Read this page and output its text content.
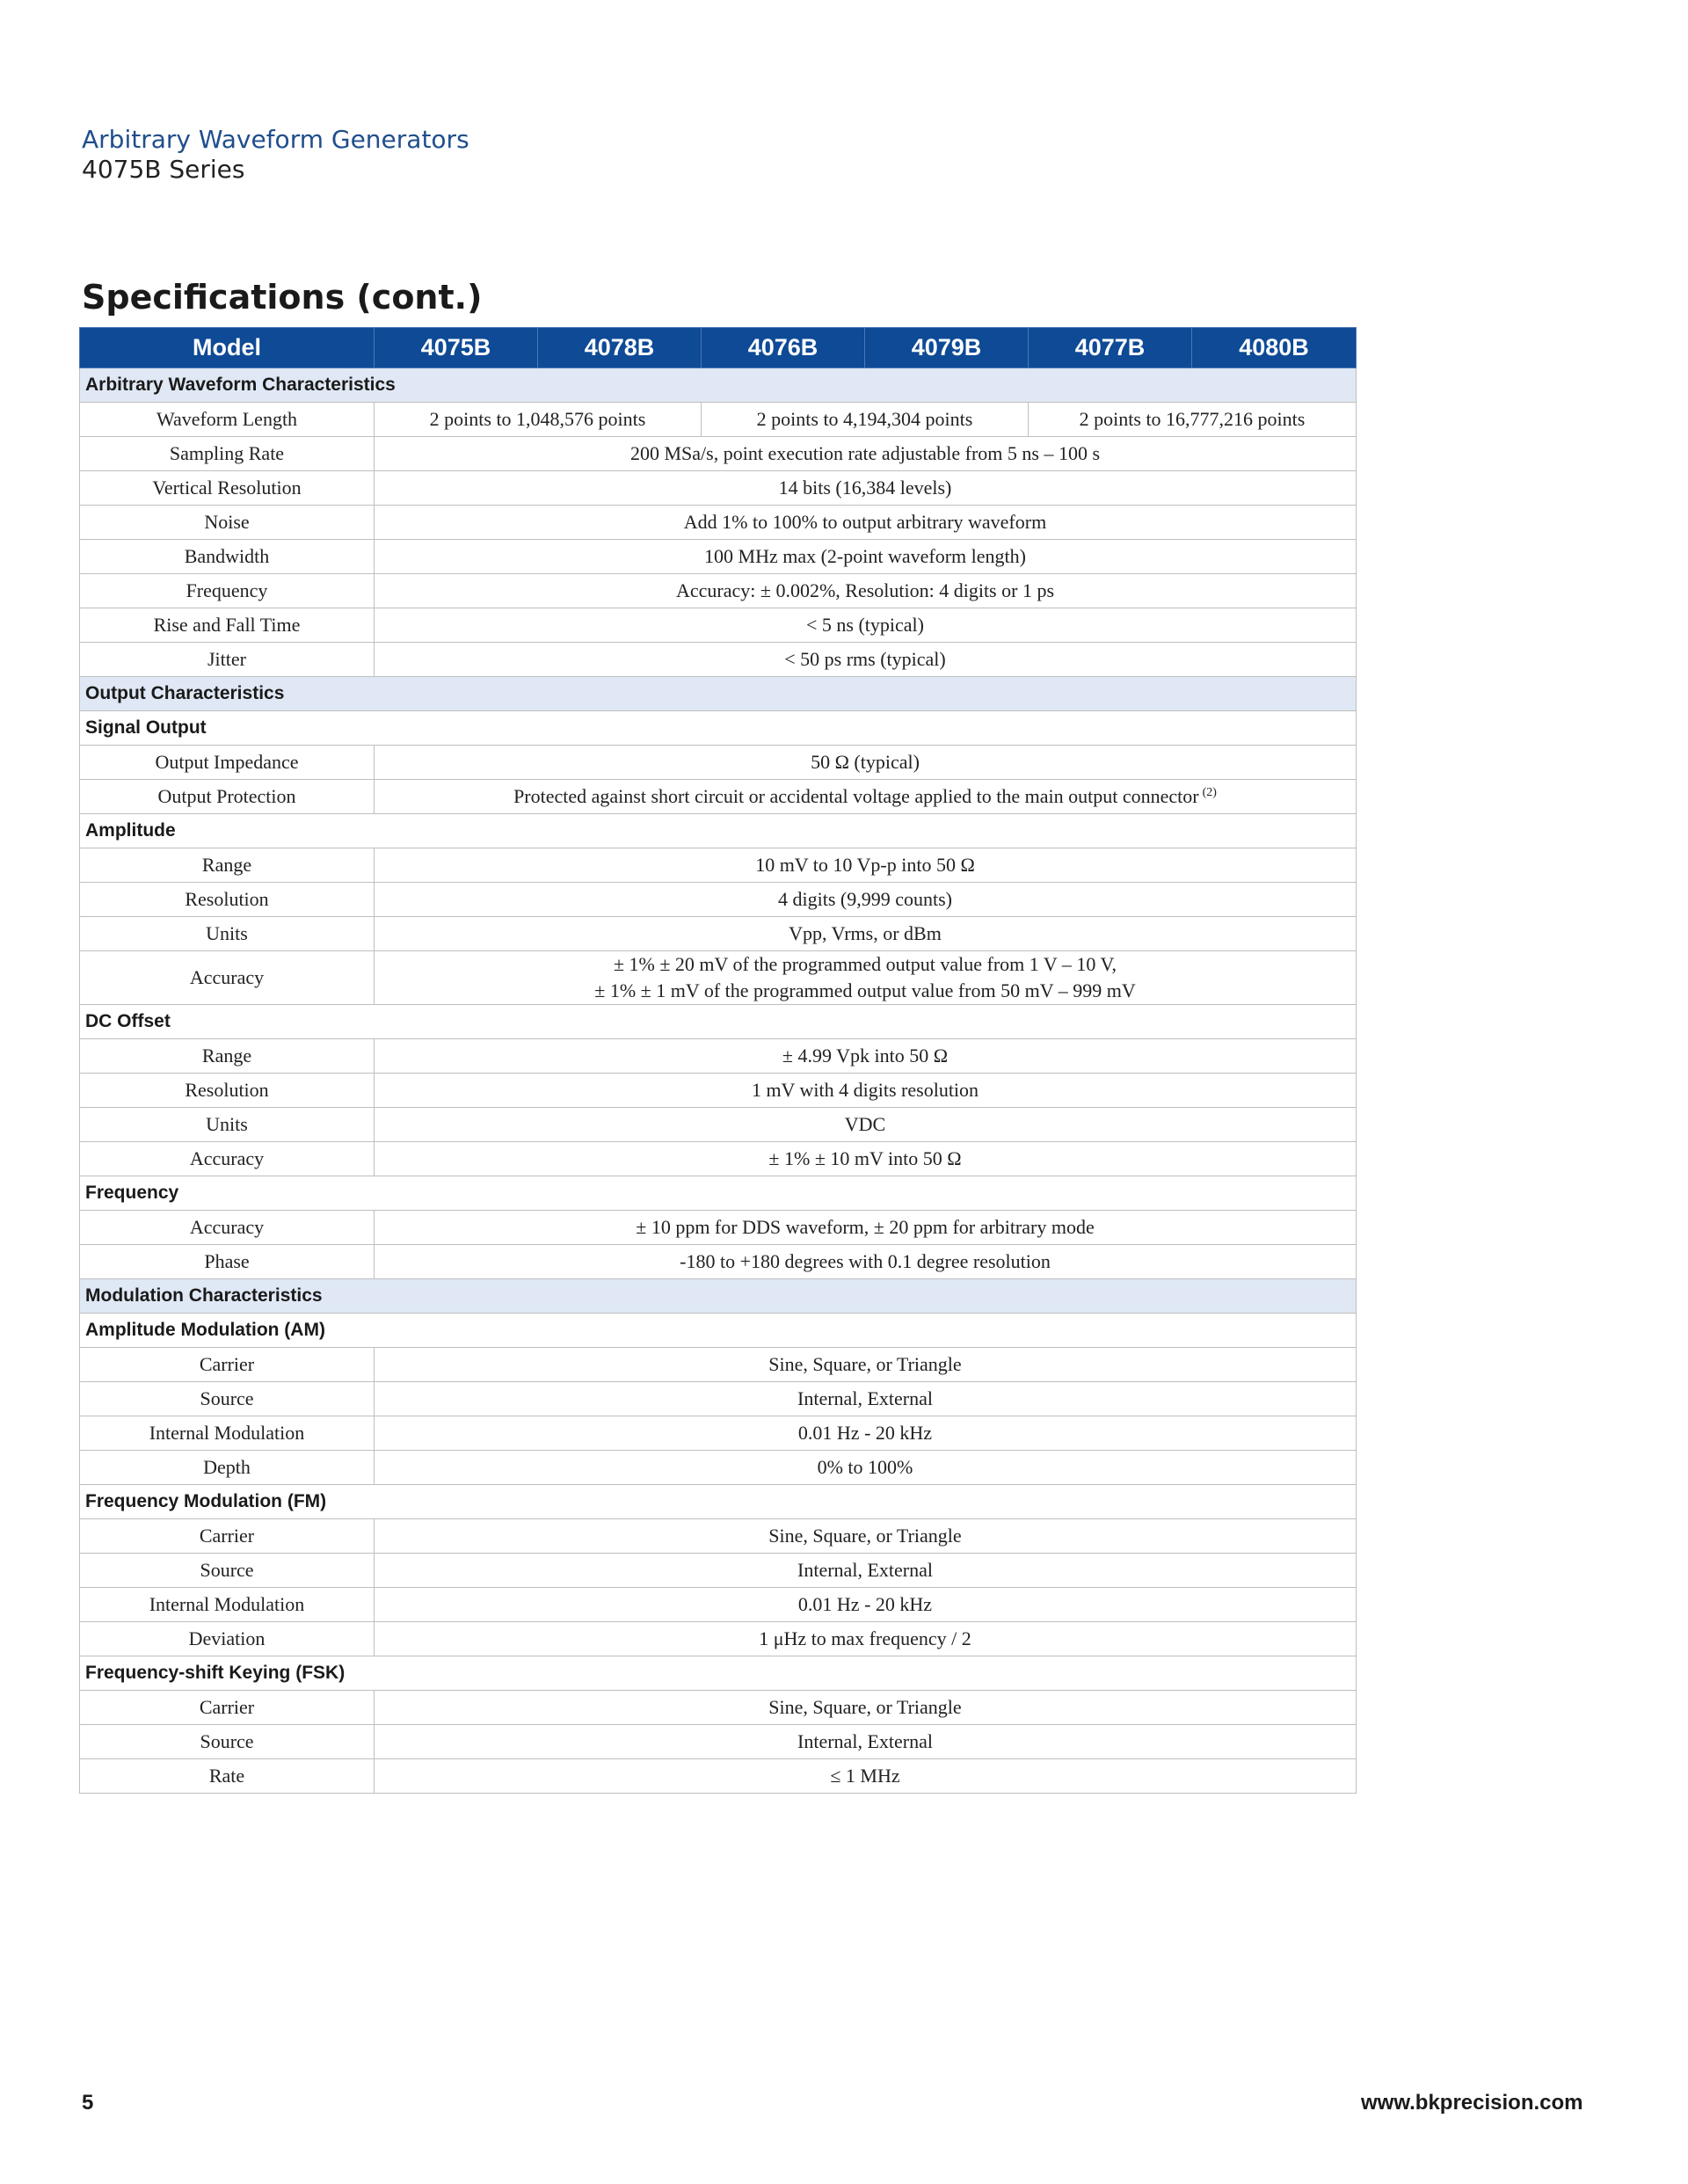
Arbitrary Waveform Generators
4075B Series
Specifications (cont.)
Model	4075B	4078B	4076B	4079B	4077B	4080B
Arbitrary Waveform Characteristics						
Waveform Length	2 points to 1,048,576 points		2 points to 4,194,304 points		2 points to 16,777,216 points	
Sampling Rate	200 MSa/s, point execution rate adjustable from 5 ns – 100 s					
Vertical Resolution	14 bits (16,384 levels)					
Noise	Add 1% to 100% to output arbitrary waveform					
Bandwidth	100 MHz max (2-point waveform length)					
Frequency	Accuracy: ± 0.002%, Resolution: 4 digits or 1 ps					
Rise and Fall Time	< 5 ns (typical)					
Jitter	< 50 ps rms (typical)					
Output Characteristics						
Signal Output						
Output Impedance	50 Ω (typical)					
Output Protection	Protected against short circuit or accidental voltage applied to the main output connector $^{(2)}$
Amplitude						
Range	10 mV to 10 Vp-p into 50 Ω					
Resolution	4 digits (9,999 counts)					
Units	Vpp, Vrms, or dBm					
Accuracy	± 1% ± 20 mV of the programmed output value from 1 V – 10 V,
± 1% ± 1 mV of the programmed output value from 50 mV – 999 mV					

DC Offset						
Range	± 4.99 Vpk into 50 Ω					
Resolution	1 mV with 4 digits resolution					
Units	VDC					
Accuracy	± 1% ± 10 mV into 50 Ω					
Frequency						
Accuracy	± 10 ppm for DDS waveform, ± 20 ppm for arbitrary mode					
Phase	-180 to +180 degrees with 0.1 degree resolution					
Modulation Characteristics						
Amplitude Modulation (AM)						
Carrier	Sine, Square, or Triangle					
Source	Internal, External					
Internal Modulation	0.01 Hz - 20 kHz					
Depth	0% to 100%					
Frequency Modulation (FM)						
Carrier	Sine, Square, or Triangle					
Source	Internal, External					
Internal Modulation	0.01 Hz - 20 kHz					
Deviation	1 μHz to max frequency / 2					
Frequency-shift Keying (FSK)						
Carrier	Sine, Square, or Triangle					
Source	Internal, External					
Rate	≤ 1 MHz					
5	www.bkprecision.com
